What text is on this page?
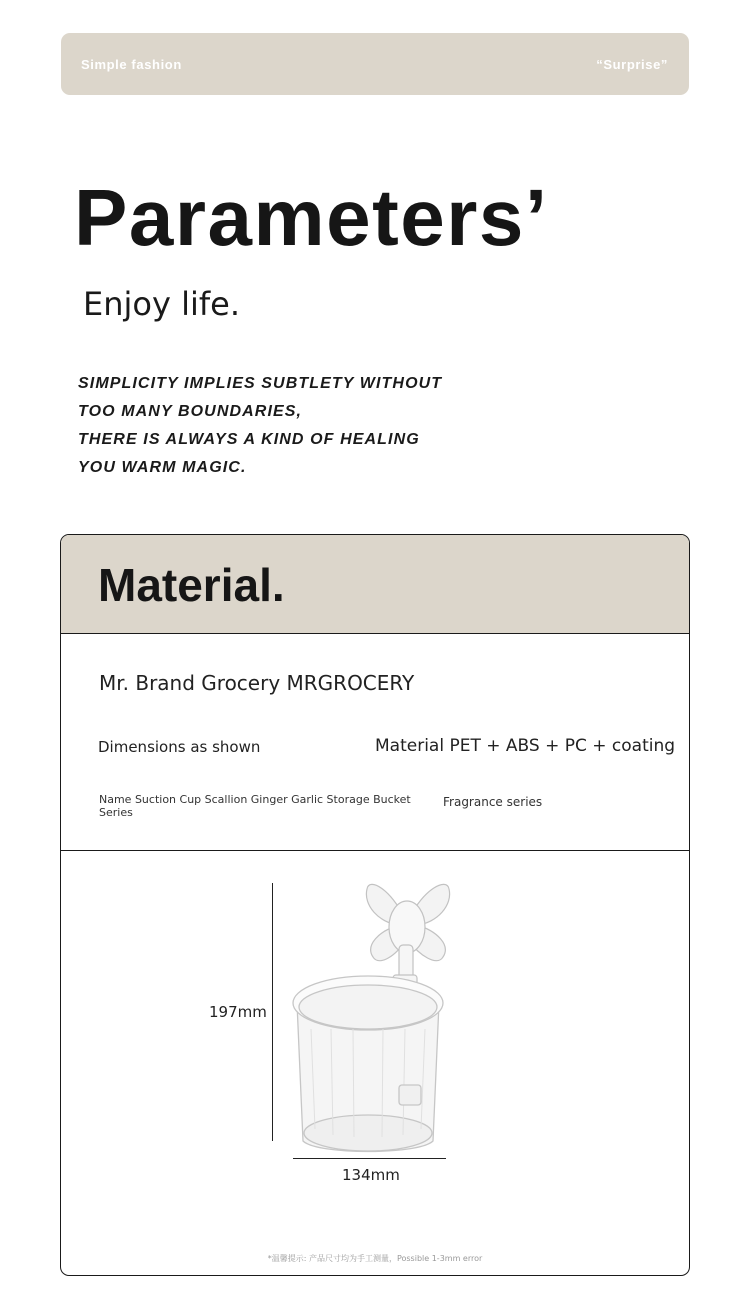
Simple fashion	“Surprise”
Parameters’
Enjoy life.
SIMPLICITY IMPLIES SUBTLETY WITHOUT
TOO MANY BOUNDARIES,
THERE IS ALWAYS A KIND OF HEALING
YOU WARM MAGIC.
Material.
Mr. Brand Grocery MRGROCERY
Dimensions as shown	Material PET + ABS + PC + coating
Name Suction Cup Scallion Ginger Garlic Storage Bucket Series
Fragrance series
197mm
134mm
*温馨提示: 产品尺寸均为手工测量，Possible 1-3mm error
